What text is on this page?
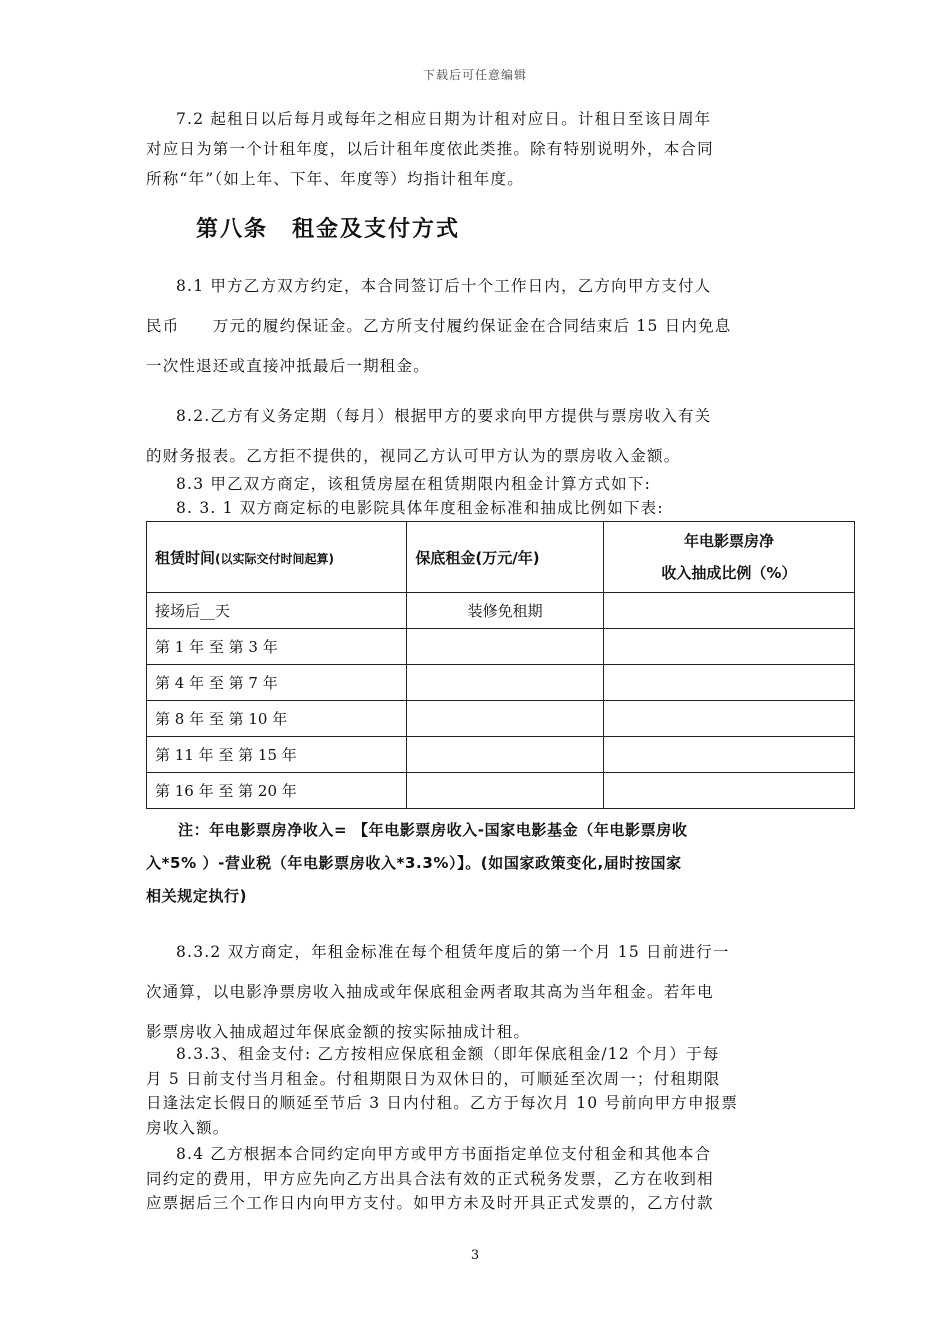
下载后可任意编辑
7.2 起租日以后每月或每年之相应日期为计租对应日。计租日至该日周年
对应日为第一个计租年度，以后计租年度依此类推。除有特别说明外，本合同
所称“年”（如上年、下年、年度等）均指计租年度。
第八条　租金及支付方式
8.1 甲方乙方双方约定，本合同签订后十个工作日内，乙方向甲方支付人
民币　　万元的履约保证金。乙方所支付履约保证金在合同结束后 15 日内免息
一次性退还或直接冲抵最后一期租金。
8.2.乙方有义务定期（每月）根据甲方的要求向甲方提供与票房收入有关
的财务报表。乙方拒不提供的，视同乙方认可甲方认为的票房收入金额。
8.3 甲乙双方商定，该租赁房屋在租赁期限内租金计算方式如下:
8. 3. 1 双方商定标的电影院具体年度租金标准和抽成比例如下表:
租赁时间(以实际交付时间起算)	保底租金(万元/年)	年电影票房净
收入抽成比例（%）

接场后__天	装修免租期	
第 1 年 至 第 3 年		
第 4 年 至 第 7 年		
第 8 年 至 第 10 年		
第 11 年 至 第 15 年		
第 16 年 至 第 20 年		
注：年电影票房净收入= 【年电影票房收入-国家电影基金（年电影票房收
入*5% ）-营业税（年电影票房收入*3.3%）】。(如国家政策变化,届时按国家
相关规定执行)
8.3.2 双方商定，年租金标准在每个租赁年度后的第一个月 15 日前进行一
次通算，以电影净票房收入抽成或年保底租金两者取其高为当年租金。若年电
影票房收入抽成超过年保底金额的按实际抽成计租。
8.3.3、租金支付: 乙方按相应保底租金额（即年保底租金/12 个月）于每
月 5 日前支付当月租金。付租期限日为双休日的，可顺延至次周一；付租期限
日逢法定长假日的顺延至节后 3 日内付租。乙方于每次月 10 号前向甲方申报票
房收入额。
8.4 乙方根据本合同约定向甲方或甲方书面指定单位支付租金和其他本合
同约定的费用，甲方应先向乙方出具合法有效的正式税务发票，乙方在收到相
应票据后三个工作日内向甲方支付。如甲方未及时开具正式发票的，乙方付款
3
